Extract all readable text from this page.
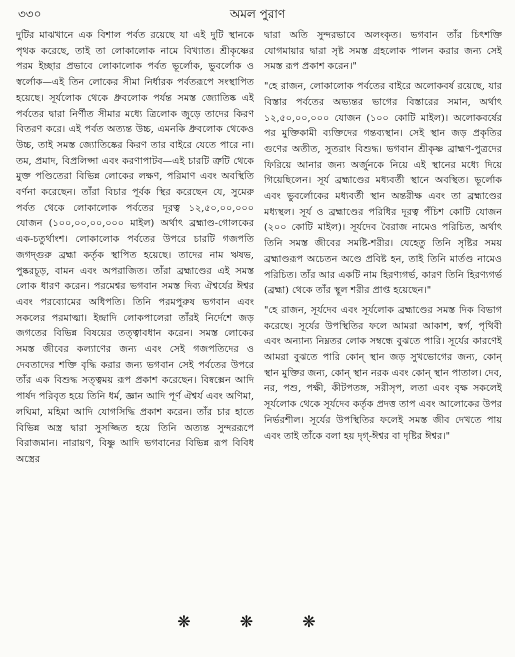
৩৩০	অমল পুরাণ

দুটির মাঝখানে এক বিশাল পর্বত রয়েছে যা এই দুটি স্থানকে পৃথক করেছে, তাই তা লোকালোক নামে বিখ্যাত। শ্রীকৃষ্ণের পরম ইচ্ছার প্রভাবে লোকালোক পর্বত ভূর্লোক, ভুবর্লোক ও স্বর্লোক—এই তিন লোকের সীমা নির্ধারক পর্বতরূপে সংস্থাপিত হয়েছে। সূর্যলোক থেকে ধ্রুবলোক পর্যন্ত সমস্ত জ্যোতিষ্ক এই পর্বতের দ্বারা নির্ণীত সীমার মধ্যে ত্রিলোক জুড়ে তাদের কিরণ বিতরণ করে। এই পর্বত অত্যন্ত উচ্চ, এমনকি ধ্রুবলোক থেকেও উচ্চ, তাই সমস্ত জ্যোতিষ্কের কিরণ তার বাইরে যেতে পারে না। তম, প্রমাদ, বিপ্রলিপ্সা এবং করণাপাটব—এই চারটি ত্রুটি থেকে মুক্ত পণ্ডিতেরা বিভিন্ন লোকের লক্ষণ, পরিমাণ এবং অবস্থিতি বর্ণনা করেছেন। তাঁরা বিচার পূর্বক স্থির করেছেন যে, সুমেরু পর্বত থেকে লোকালোক পর্বতের দূরত্ব ১২,৫০,০০,০০০ যোজন (১০০,০০,০০,০০০ মাইল) অর্থাৎ ব্রহ্মাণ্ড-গোলকের এক-চতুর্থাংশ। লোকালোক পর্বতের উপরে চারটি গজপতি জগদ্গুরু ব্রহ্মা কর্তৃক স্থাপিত হয়েছে। তাদের নাম ঋষভ, পুষ্করচূড়, বামন এবং অপরাজিত। তাঁরা ব্রহ্মাণ্ডের এই সমস্ত লোক ধারণ করেন। পরমেশ্বর ভগবান সমস্ত দিব্য ঐশ্বর্যের ঈশ্বর এবং পরব্যোমের অধিপতি। তিনি পরমপুরুষ ভগবান এবং সকলের পরমাত্মা। ইন্দ্রাদি লোকপালেরা তাঁরই নির্দেশে জড় জগতের বিভিন্ন বিষয়ের তত্ত্বাবধান করেন। সমস্ত লোকের সমস্ত জীবের কল্যাণের জন্য এবং সেই গজপতিদের ও দেবতাদের শক্তি বৃদ্ধি করার জন্য ভগবান সেই পর্বতের উপরে তাঁর এক বিশুদ্ধ সত্ত্বময় রূপ প্রকাশ করেছেন। বিষ্বক্সেন আদি পার্ষদ পরিবৃত হয়ে তিনি ধর্ম, জ্ঞান আদি পূর্ণ ঐশ্বর্য এবং অণিমা, লঘিমা, মহিমা আদি যোগসিদ্ধি প্রকাশ করেন। তাঁর চার হাতে বিভিন্ন অস্ত্র দ্বারা সুসজ্জিত হয়ে তিনি অত্যন্ত সুন্দররূপে বিরাজমান। নারায়ণ, বিষ্ণু আদি ভগবানের বিভিন্ন রূপ বিবিধ অস্ত্রের

দ্বারা অতি সুন্দরভাবে অলংকৃত। ভগবান তাঁর চিৎশক্তি যোগমায়ার দ্বারা সৃষ্ট সমস্ত গ্রহলোক পালন করার জন্য সেই সমস্ত রূপ প্রকাশ করেন।"

"হে রাজন, লোকালোক পর্বতের বাইরে অলোকবর্ষ রয়েছে, যার বিস্তার পর্বতের অভ্যন্তর ভাগের বিস্তারের সমান, অর্থাৎ ১২,৫০,০০,০০০ যোজন (১০০ কোটি মাইল)। অলোকবর্ষের পর মুক্তিকামী ব্যক্তিদের গন্তব্যস্থান। সেই স্থান জড় প্রকৃতির গুণের অতীত, সুতরাং বিশুদ্ধ। ভগবান শ্রীকৃষ্ণ ব্রাহ্মণ-পুত্রদের ফিরিয়ে আনার জন্য অর্জুনকে নিয়ে এই স্থানের মধ্যে দিয়ে গিয়েছিলেন। সূর্য ব্রহ্মাণ্ডের মধ্যবর্তী স্থানে অবস্থিত। ভূর্লোক এবং ভুবর্লোকের মধ্যবর্তী স্থান অন্তরীক্ষ এবং তা ব্রহ্মাণ্ডের মধ্যস্থল। সূর্য ও ব্রহ্মাণ্ডের পরিধির দূরত্ব পঁচিশ কোটি যোজন (২০০ কোটি মাইল)। সূর্যদেব বৈরাজ নামেও পরিচিত, অর্থাৎ তিনি সমস্ত জীবের সমষ্টি-শরীর। যেহেতু তিনি সৃষ্টির সময় ব্রহ্মাণ্ডরূপ অচেতন অণ্ডে প্রবিষ্ট হন, তাই তিনি মার্তণ্ড নামেও পরিচিত। তাঁর আর একটি নাম হিরণ্যগর্ভ, কারণ তিনি হিরণ্যগর্ভ (ব্রহ্মা) থেকে তাঁর স্থূল শরীর প্রাপ্ত হয়েছেন।"

"হে রাজন, সূর্যদেব এবং সূর্যলোক ব্রহ্মাণ্ডের সমস্ত দিক বিভাগ করেছে। সূর্যের উপস্থিতির ফলে আমরা আকাশ, স্বর্গ, পৃথিবী এবং অন্যান্য নিম্নতর লোক সম্বন্ধে বুঝতে পারি। সূর্যের কারণেই আমরা বুঝতে পারি কোন্ স্থান জড় সুখভোগের জন্য, কোন্ স্থান মুক্তির জন্য, কোন্ স্থান নরক এবং কোন্ স্থান পাতাল। দেব, নর, পশু, পক্ষী, কীটপতঙ্গ, সরীসৃপ, লতা এবং বৃক্ষ সকলেই সূর্যলোক থেকে সূর্যদেব কর্তৃক প্রদত্ত তাপ এবং আলোকের উপর নির্ভরশীল। সূর্যের উপস্থিতির ফলেই সমস্ত জীব দেখতে পায় এবং তাই তাঁকে বলা হয় দৃগ্-ঈশ্বর বা দৃষ্টির ঈশ্বর।"

❋ ❋ ❋
